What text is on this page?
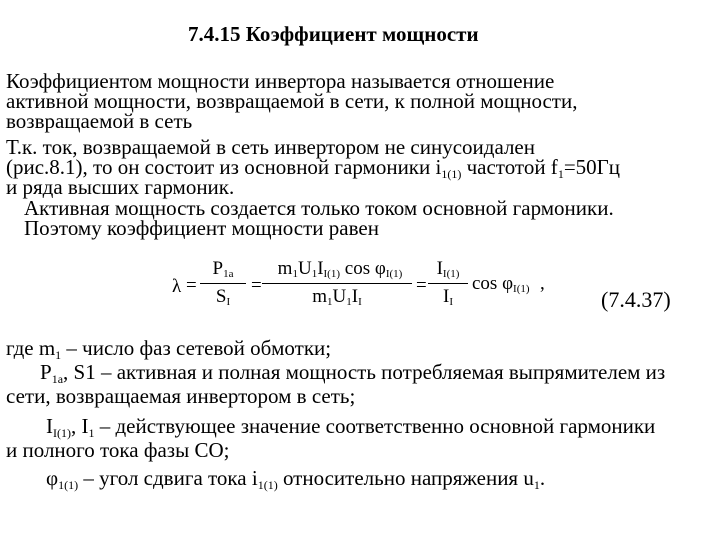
7.4.15 Коэффициент мощности
Коэффициентом мощности инвертора называется отношение
активной мощности, возвращаемой в сети, к полной мощности,
возвращаемой в сеть
Т.к. ток, возвращаемой в сеть инвертором не синусоидален
(рис.8.1), то он состоит из основной гармоники $i_{1(1)}$ частотой $f_1=50Гц$
и ряда высших гармоник.
Активная мощность создается только током основной гармоники.
Поэтому коэффициент мощности равен
λ =
P1а
SI
=
m1U1II(1) cos φI(1)
m1U1II
=
II(1)
II
cos φI(1) ,
(7.4.37)
где $m_1$ – число фаз сетевой обмотки;
$P_{1а}$, S1 – активная и полная мощность потребляемая выпрямителем из
сети, возвращаемая инвертором в сеть;
$I_{I(1)}$, $I_1$ – действующее значение соответственно основной гармоники
и полного тока фазы СО;
$\varphi_{1(1)}$ – угол сдвига тока $i_{1(1)}$ относительно напряжения $u_1$.
